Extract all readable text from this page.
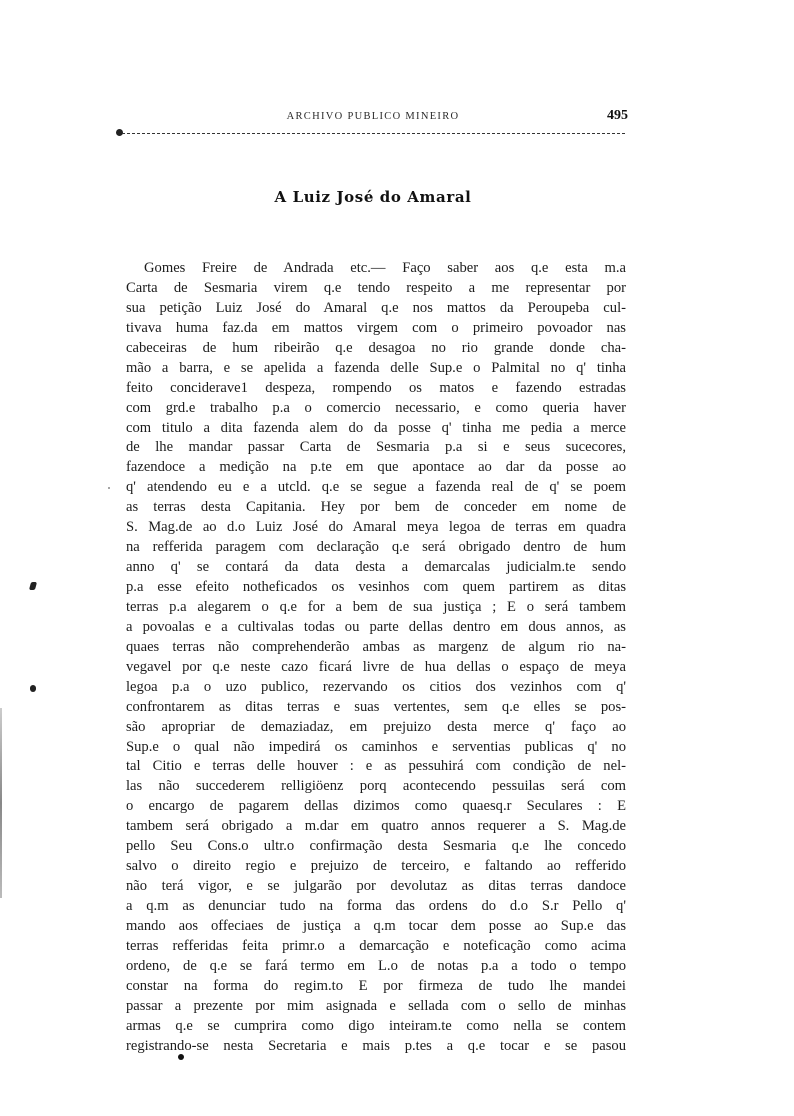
ARCHIVO PUBLICO MINEIRO	495
A Luiz José do Amaral
Gomes Freire de Andrada etc.— Faço saber aos q.e esta m.a
Carta de Sesmaria virem q.e tendo respeito a me representar por
sua petição Luiz José do Amaral q.e nos mattos da Peroupeba cul-
tivava huma faz.da em mattos virgem com o primeiro povoador nas
cabeceiras de hum ribeirão q.e desagoa no rio grande donde cha-
mão a barra, e se apelida a fazenda delle Sup.e o Palmital no q' tinha
feito conciderave1 despeza, rompendo os matos e fazendo estradas
com grd.e trabalho p.a o comercio necessario, e como queria haver
com titulo a dita fazenda alem do da posse q' tinha me pedia a merce
de lhe mandar passar Carta de Sesmaria p.a si e seus sucecores,
fazendoce a medição na p.te em que apontace ao dar da posse ao
q' atendendo eu e a utcld. q.e se segue a fazenda real de q' se poem
as terras desta Capitania. Hey por bem de conceder em nome de
S. Mag.de ao d.o Luiz José do Amaral meya legoa de terras em quadra
na refferida paragem com declaração q.e será obrigado dentro de hum
anno q' se contará da data desta a demarcalas judicialm.te sendo
p.a esse efeito notheficados os vesinhos com quem partirem as ditas
terras p.a alegarem o q.e for a bem de sua justiça ; E o será tambem
a povoalas e a cultivalas todas ou parte dellas dentro em dous annos, as
quaes terras não comprehenderão ambas as margenz de algum rio na-
vegavel por q.e neste cazo ficará livre de hua dellas o espaço de meya
legoa p.a o uzo publico, rezervando os citios dos vezinhos com q'
confrontarem as ditas terras e suas vertentes, sem q.e elles se pos-
são apropriar de demaziadaz, em prejuizo desta merce q' faço ao
Sup.e o qual não impedirá os caminhos e serventias publicas q' no
tal Citio e terras delle houver : e as pessuhirá com condição de nel-
las não succederem relligiöenz porq acontecendo pessuilas será com
o encargo de pagarem dellas dizimos como quaesq.r Seculares : E
tambem será obrigado a m.dar em quatro annos requerer a S. Mag.de
pello Seu Cons.o ultr.o confirmação desta Sesmaria q.e lhe concedo
salvo o direito regio e prejuizo de terceiro, e faltando ao refferido
não terá vigor, e se julgarão por devolutaz as ditas terras dandoce
a q.m as denunciar tudo na forma das ordens do d.o S.r Pello q'
mando aos offeciaes de justiça a q.m tocar dem posse ao Sup.e das
terras refferidas feita primr.o a demarcação e noteficação como acima
ordeno, de q.e se fará termo em L.o de notas p.a a todo o tempo
constar na forma do regim.to E por firmeza de tudo lhe mandei
passar a prezente por mim asignada e sellada com o sello de minhas
armas q.e se cumprira como digo inteiram.te como nella se contem
registrando-se nesta Secretaria e mais p.tes a q.e tocar e se pasou
